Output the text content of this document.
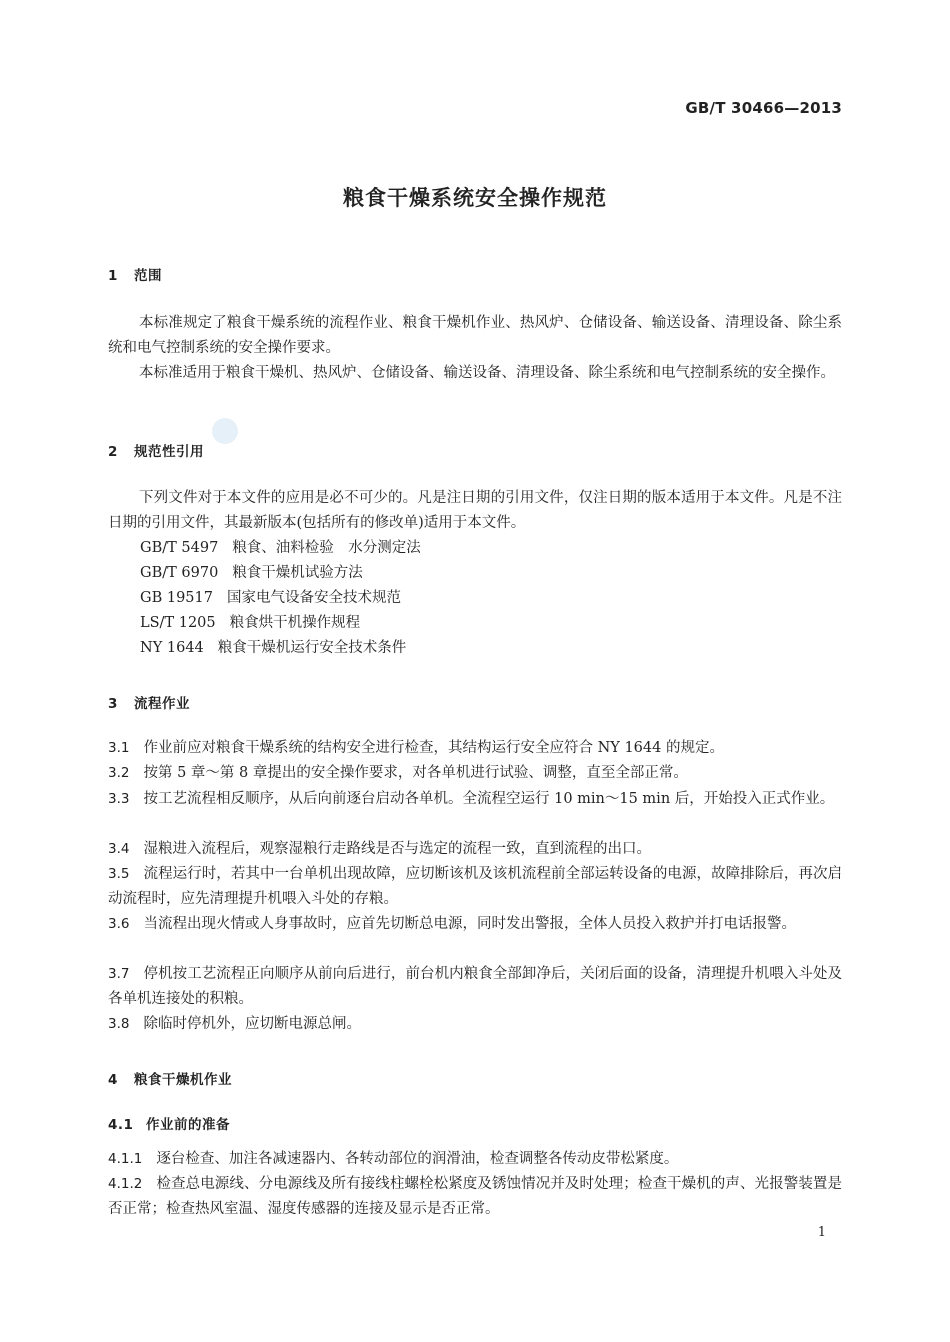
GB/T 30466—2013
粮食干燥系统安全操作规范
1 范围
本标准规定了粮食干燥系统的流程作业、粮食干燥机作业、热风炉、仓储设备、输送设备、清理设备、除尘系统和电气控制系统的安全操作要求。
本标准适用于粮食干燥机、热风炉、仓储设备、输送设备、清理设备、除尘系统和电气控制系统的安全操作。
2 规范性引用
下列文件对于本文件的应用是必不可少的。凡是注日期的引用文件，仅注日期的版本适用于本文件。凡是不注日期的引用文件，其最新版本(包括所有的修改单)适用于本文件。
GB/T 5497 粮食、油料检验　水分测定法
GB/T 6970 粮食干燥机试验方法
GB 19517 国家电气设备安全技术规范
LS/T 1205 粮食烘干机操作规程
NY 1644 粮食干燥机运行安全技术条件
3 流程作业
3.1 作业前应对粮食干燥系统的结构安全进行检查，其结构运行安全应符合 NY 1644 的规定。
3.2 按第 5 章～第 8 章提出的安全操作要求，对各单机进行试验、调整，直至全部正常。
3.3 按工艺流程相反顺序，从后向前逐台启动各单机。全流程空运行 10 min～15 min 后，开始投入正式作业。
3.4 湿粮进入流程后，观察湿粮行走路线是否与选定的流程一致，直到流程的出口。
3.5 流程运行时，若其中一台单机出现故障，应切断该机及该机流程前全部运转设备的电源，故障排除后，再次启动流程时，应先清理提升机喂入斗处的存粮。
3.6 当流程出现火情或人身事故时，应首先切断总电源，同时发出警报，全体人员投入救护并打电话报警。
3.7 停机按工艺流程正向顺序从前向后进行，前台机内粮食全部卸净后，关闭后面的设备，清理提升机喂入斗处及各单机连接处的积粮。
3.8 除临时停机外，应切断电源总闸。
4 粮食干燥机作业
4.1 作业前的准备
4.1.1 逐台检查、加注各减速器内、各转动部位的润滑油，检查调整各传动皮带松紧度。
4.1.2 检查总电源线、分电源线及所有接线柱螺栓松紧度及锈蚀情况并及时处理；检查干燥机的声、光报警装置是否正常；检查热风室温、湿度传感器的连接及显示是否正常。
1
